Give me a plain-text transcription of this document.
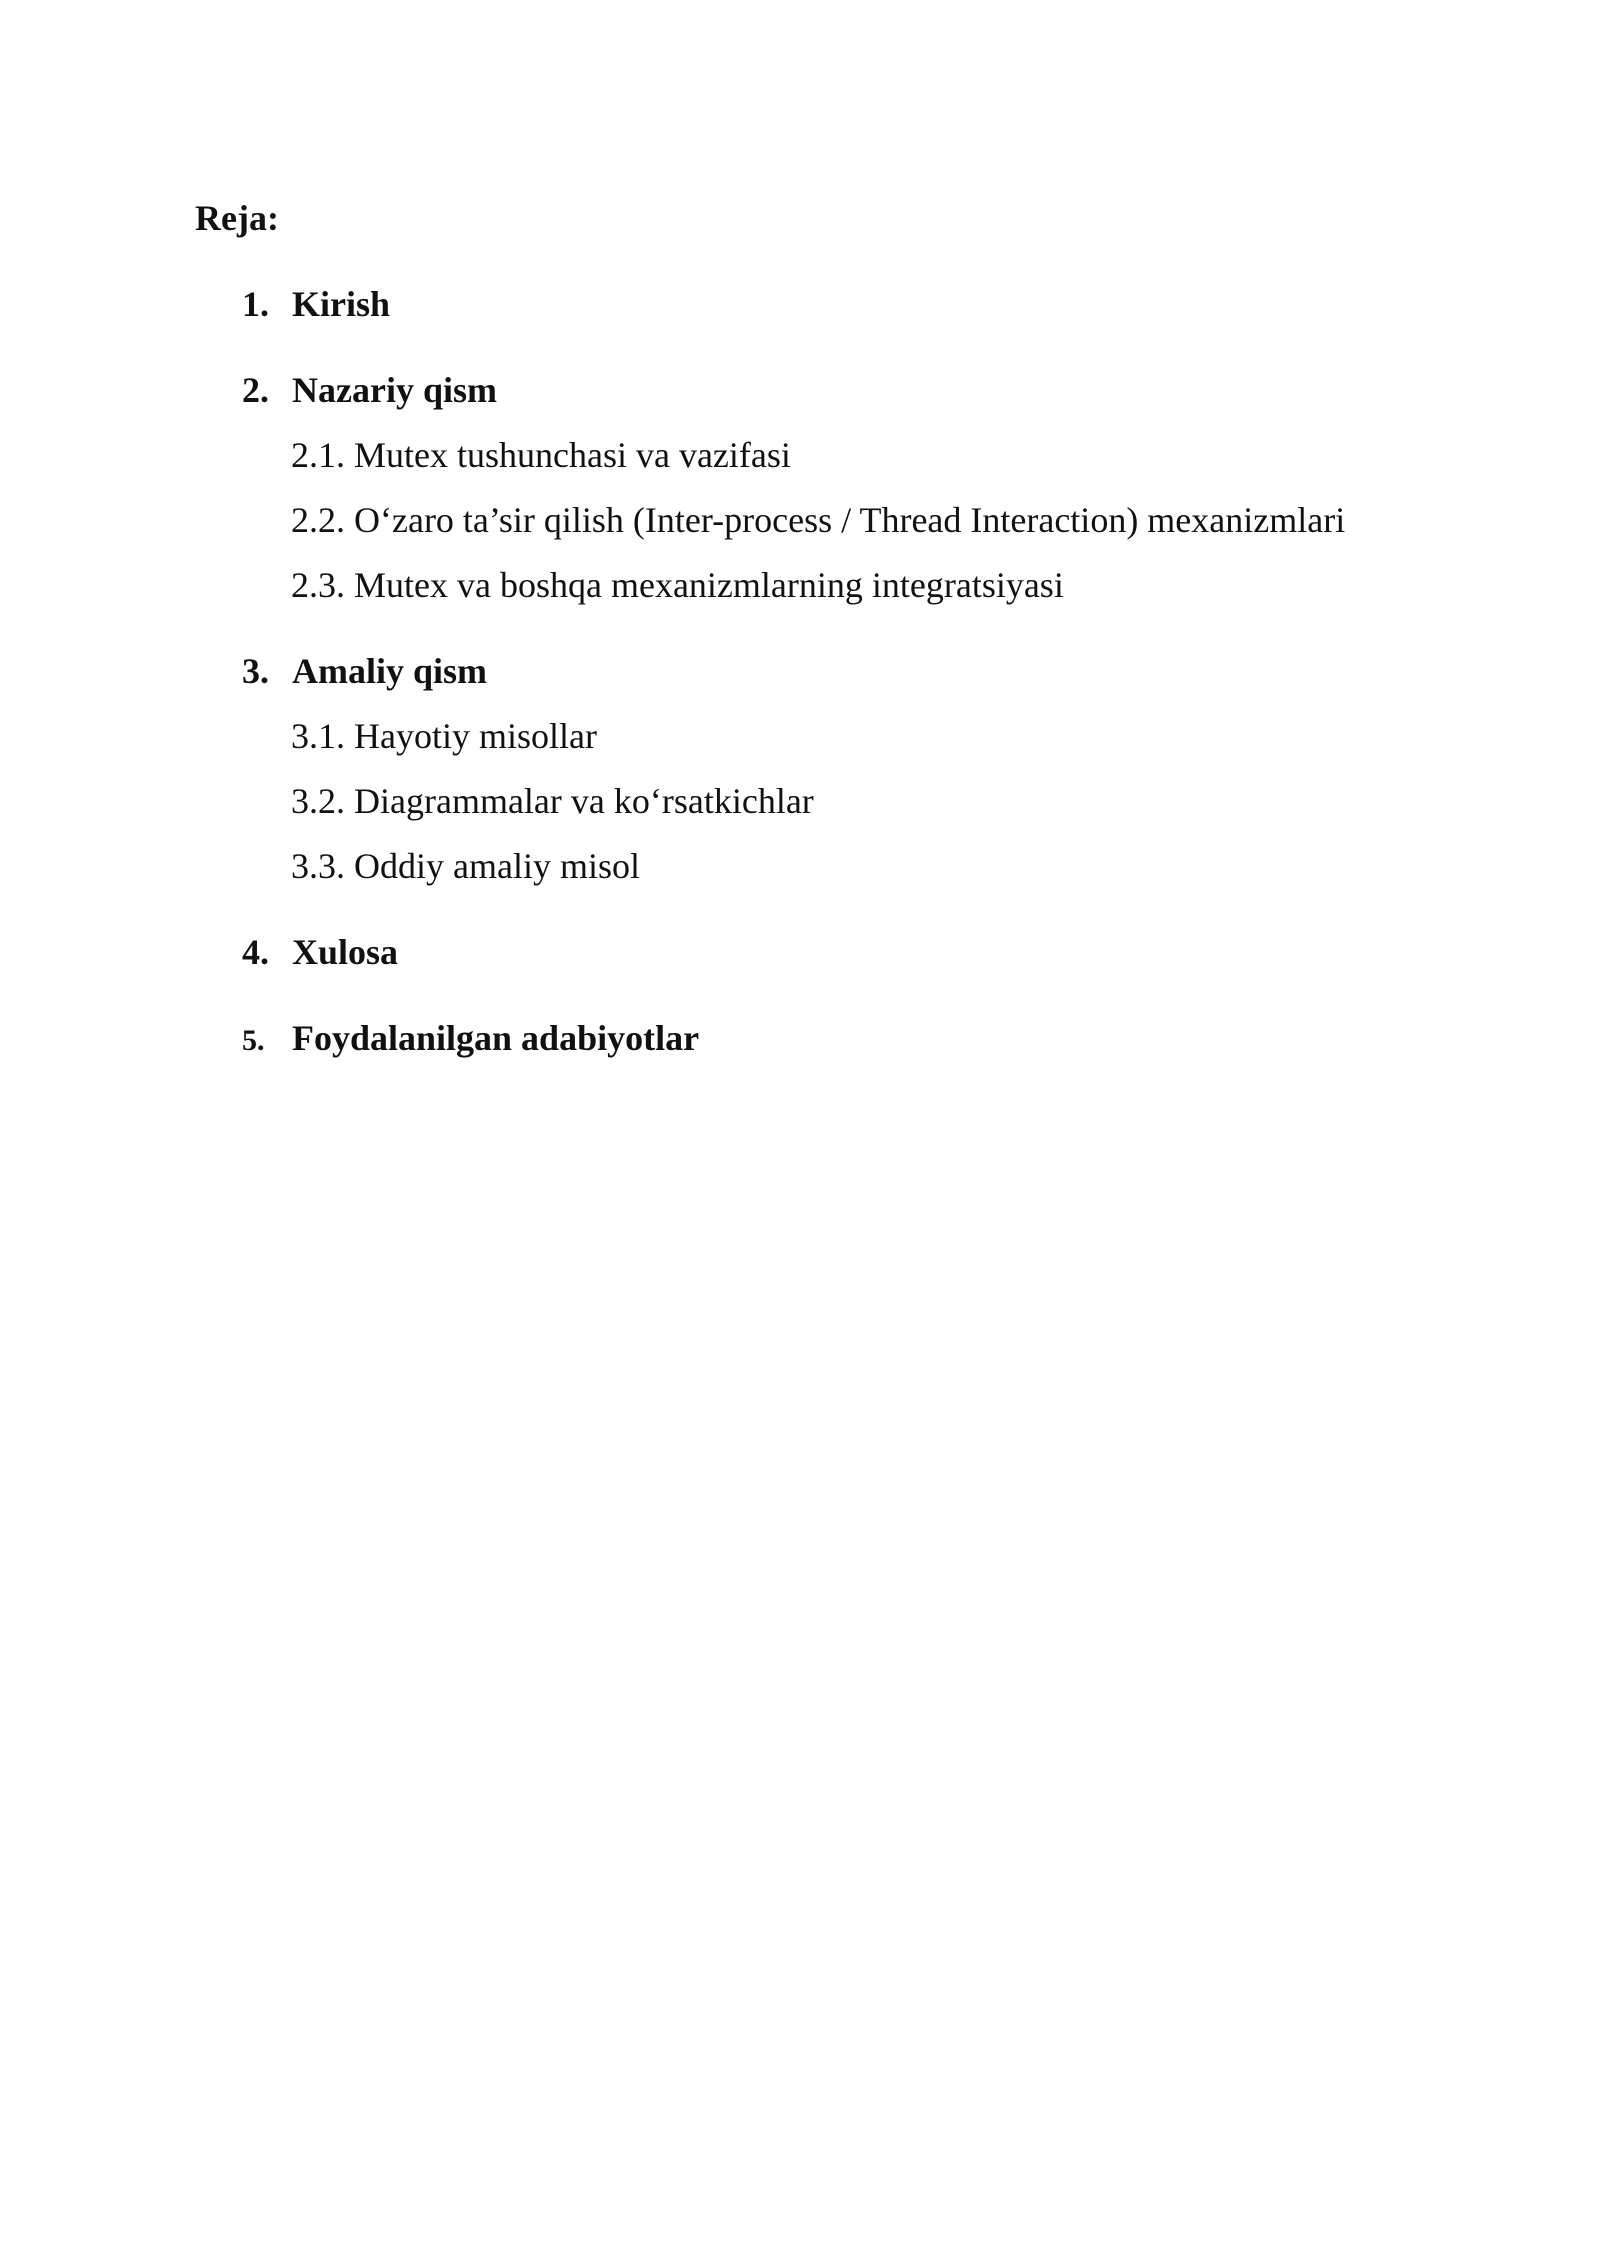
Reja:
1. Kirish
2. Nazariy qism
2.1. Mutex tushunchasi va vazifasi
2.2. O‘zaro ta’sir qilish (Inter-process / Thread Interaction) mexanizmlari
2.3. Mutex va boshqa mexanizmlarning integratsiyasi
3. Amaliy qism
3.1. Hayotiy misollar
3.2. Diagrammalar va ko‘rsatkichlar
3.3. Oddiy amaliy misol
4. Xulosa
5. Foydalanilgan adabiyotlar
